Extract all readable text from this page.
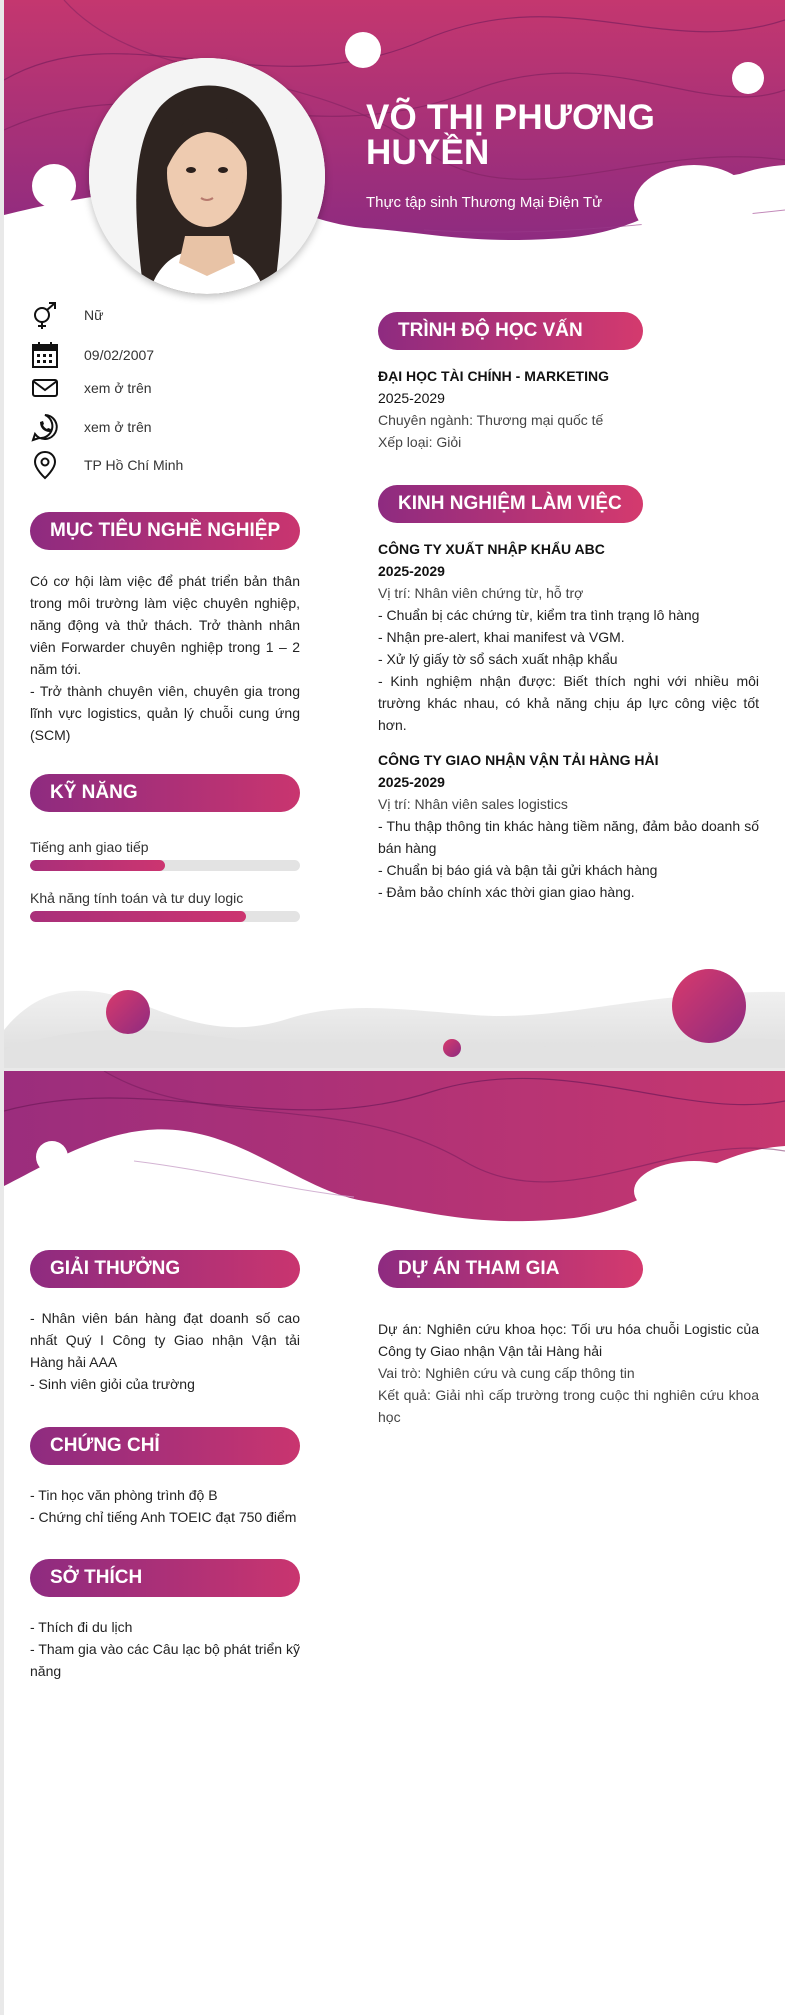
VÕ THỊ PHƯƠNG HUYỀN
Thực tập sinh Thương Mại Điện Tử
Nữ
09/02/2007
xem ở trên
xem ở trên
TP Hồ Chí Minh
MỤC TIÊU NGHỀ NGHIỆP
Có cơ hội làm việc để phát triển bản thân trong môi trường làm việc chuyên nghiệp, năng động và thử thách. Trở thành nhân viên Forwarder chuyên nghiệp trong 1 – 2 năm tới.
- Trở thành chuyên viên, chuyên gia trong lĩnh vực logistics, quản lý chuỗi cung ứng (SCM)
KỸ NĂNG
Tiếng anh giao tiếp
Khả năng tính toán và tư duy logic
TRÌNH ĐỘ HỌC VẤN
ĐẠI HỌC TÀI CHÍNH - MARKETING
2025-2029
Chuyên ngành: Thương mại quốc tế
Xếp loại: Giỏi
KINH NGHIỆM LÀM VIỆC
CÔNG TY XUẤT NHẬP KHẨU ABC
2025-2029
Vị trí: Nhân viên chứng từ, hỗ trợ
- Chuẩn bị các chứng từ, kiểm tra tình trạng lô hàng
- Nhận pre-alert, khai manifest và VGM.
- Xử lý giấy tờ sổ sách xuất nhập khẩu
- Kinh nghiệm nhận được: Biết thích nghi với nhiều môi trường khác nhau, có khả năng chịu áp lực công việc tốt hơn.
CÔNG TY GIAO NHẬN VẬN TẢI HÀNG HẢI
2025-2029
Vị trí: Nhân viên sales logistics
- Thu thập thông tin khác hàng tiềm năng, đảm bảo doanh số bán hàng
- Chuẩn bị báo giá và bận tải gửi khách hàng
- Đảm bảo chính xác thời gian giao hàng.
GIẢI THƯỞNG
- Nhân viên bán hàng đạt doanh số cao nhất Quý I Công ty Giao nhận Vận tải Hàng hải AAA
- Sinh viên giỏi của trường
CHỨNG CHỈ
- Tin học văn phòng trình độ B
- Chứng chỉ tiếng Anh TOEIC đạt 750 điểm
SỞ THÍCH
- Thích đi du lịch
- Tham gia vào các Câu lạc bộ phát triển kỹ năng
DỰ ÁN THAM GIA
Dự án: Nghiên cứu khoa học: Tối ưu hóa chuỗi Logistic của Công ty Giao nhận Vận tải Hàng hải
Vai trò: Nghiên cứu và cung cấp thông tin
Kết quả: Giải nhì cấp trường trong cuộc thi nghiên cứu khoa học
